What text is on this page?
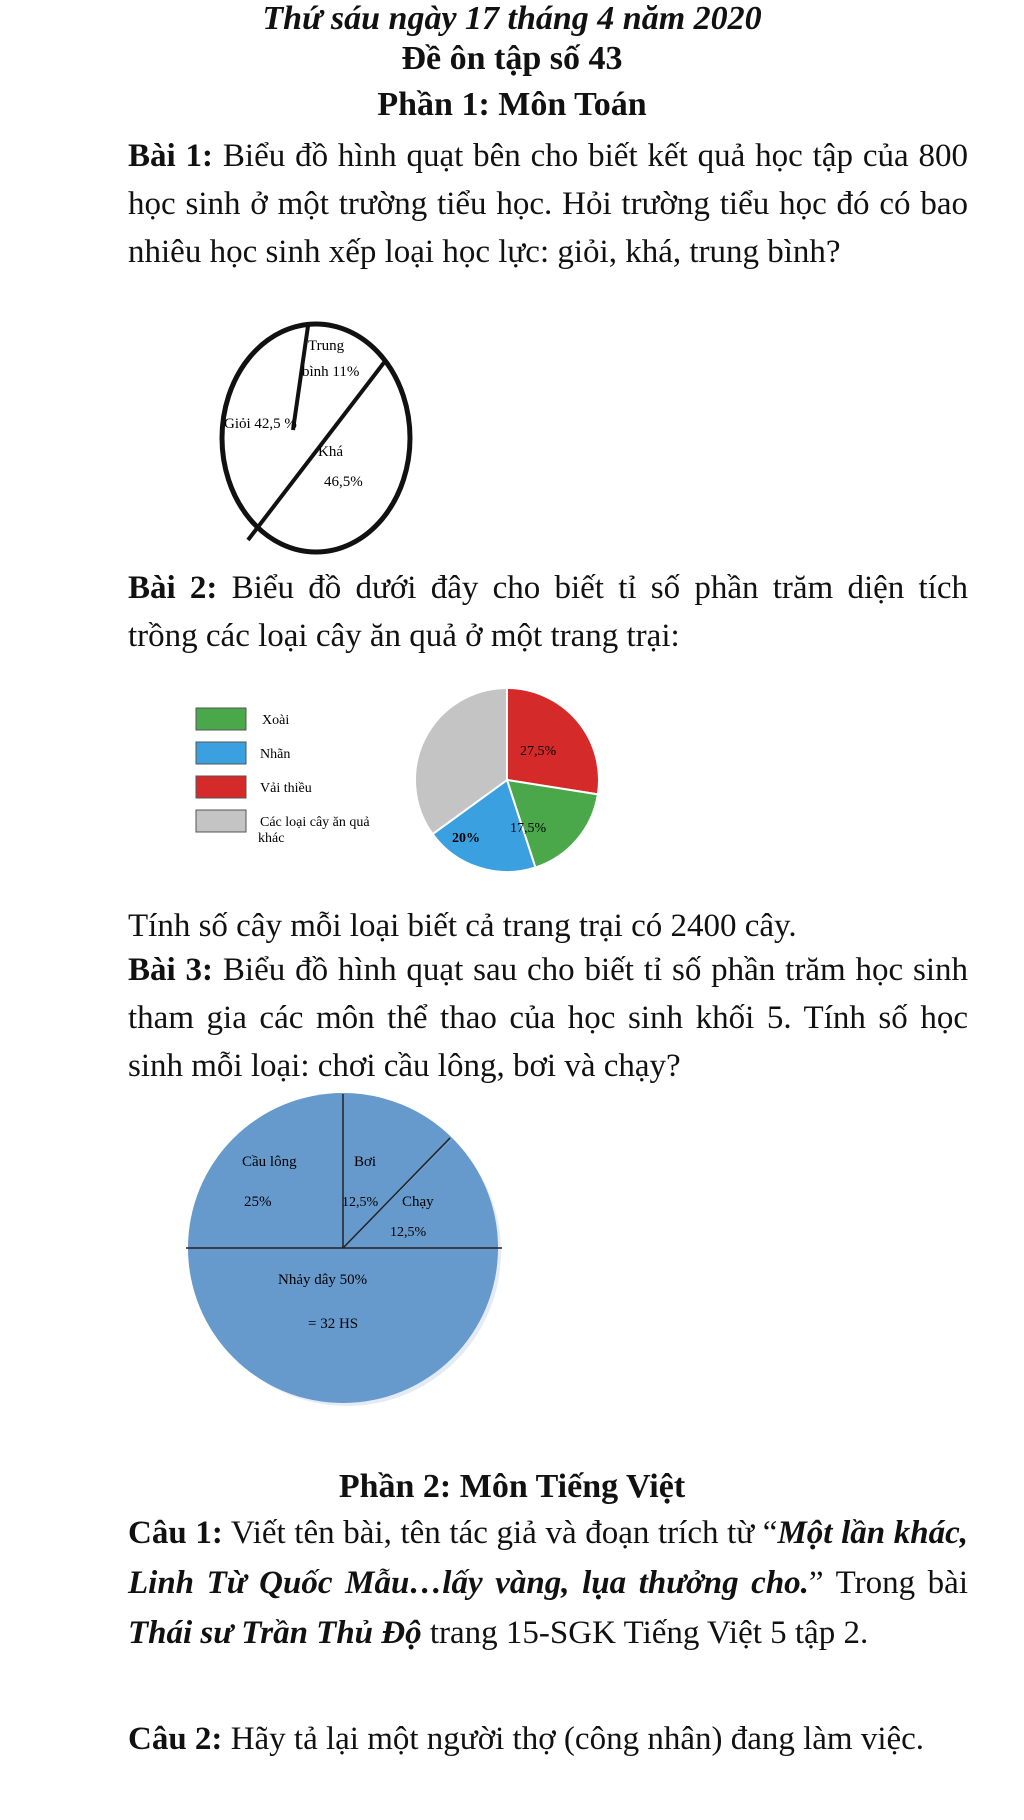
Thứ sáu ngày 17 tháng 4 năm 2020
Đề ôn tập số 43
Phần 1: Môn Toán
Bài 1: Biểu đồ hình quạt bên cho biết kết quả học tập của 800 học sinh ở một trường tiểu học. Hỏi trường tiểu học đó có bao nhiêu học sinh xếp loại học lực: giỏi, khá, trung bình?
Trung
bình 11%
Giỏi 42,5 %
Khá
46,5%
Bài 2: Biểu đồ dưới đây cho biết tỉ số phần trăm diện tích trồng các loại cây ăn quả ở một trang trại:
Xoài
Nhãn
Vải thiều
Các loại cây ăn quả
khác
27,5%
17,5%
20%
Tính số cây mỗi loại biết cả trang trại có 2400 cây.
Bài 3: Biểu đồ hình quạt sau cho biết tỉ số phần trăm học sinh tham gia các môn thể thao của học sinh khối 5. Tính số học sinh mỗi loại: chơi cầu lông, bơi và chạy?
Cầu lông
25%
Bơi
12,5% Chạy
12,5%
Nhảy dây 50%
= 32 HS
Phần 2: Môn Tiếng Việt
Câu 1: Viết tên bài, tên tác giả và đoạn trích từ “Một lần khác, Linh Từ Quốc Mẫu…lấy vàng, lụa thưởng cho.” Trong bài Thái sư Trần Thủ Độ trang 15-SGK Tiếng Việt 5 tập 2.
Câu 2: Hãy tả lại một người thợ (công nhân) đang làm việc.
